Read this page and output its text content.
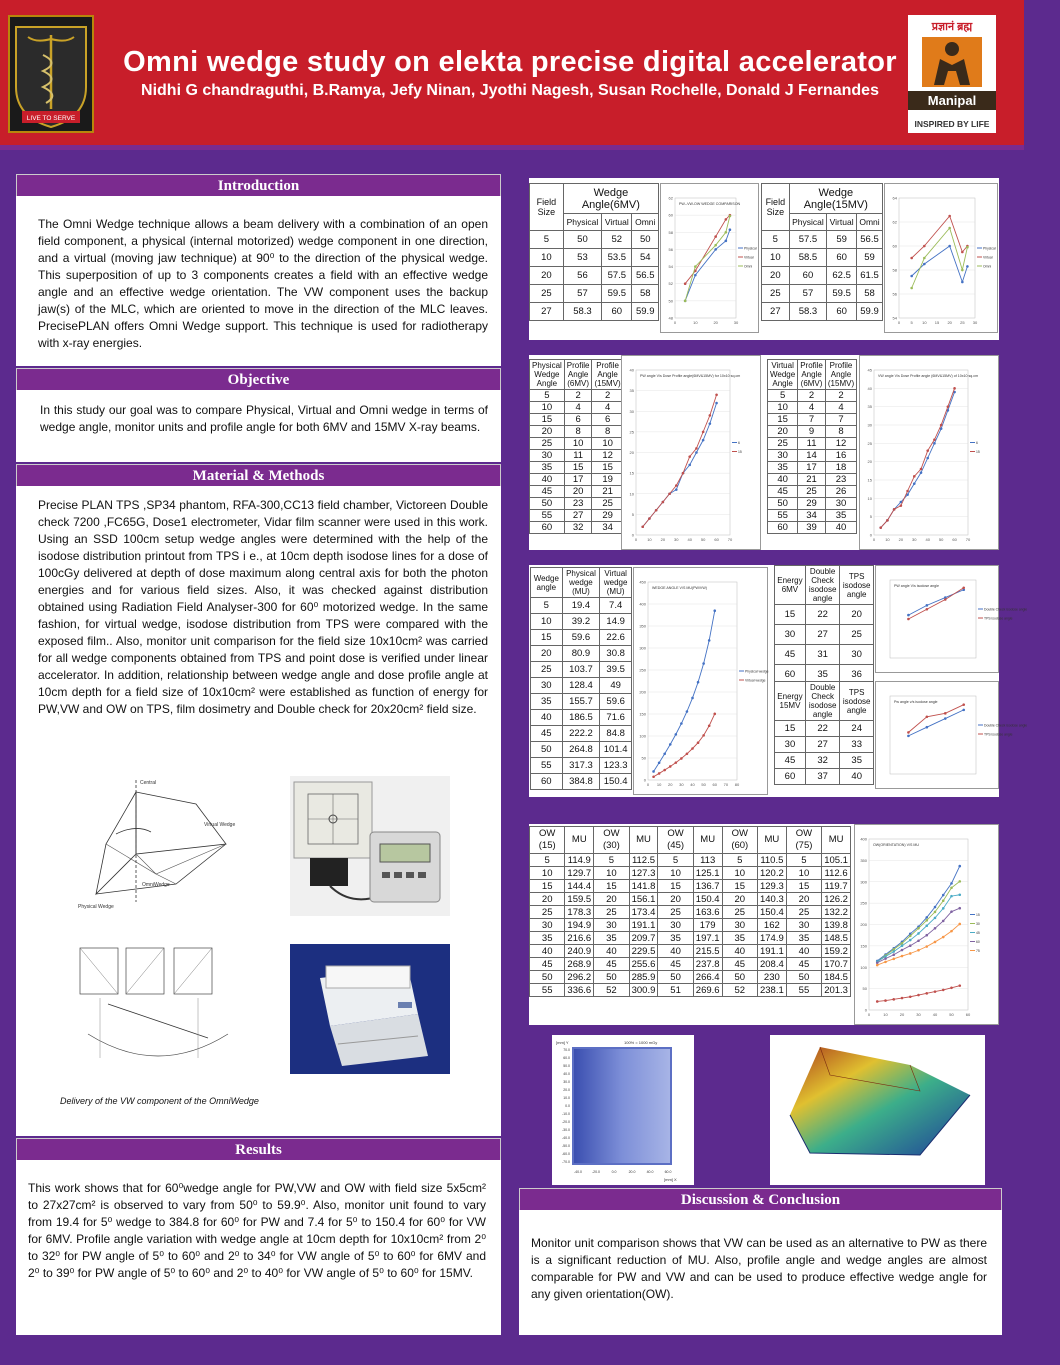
Omni wedge study on elekta precise digital accelerator
Nidhi G chandraguthi, B.Ramya, Jefy Ninan, Jyothi Nagesh, Susan Rochelle, Donald J Fernandes
LIVE TO SERVE
प्रज्ञानं ब्रह्म
Manipal
INSPIRED BY LIFE
Introduction
The Omni Wedge technique allows a beam delivery with a combination of an open field component, a physical (internal motorized) wedge component in one direction, and a virtual (moving jaw technique) at 90⁰ to the direction of the physical wedge. This superposition of up to 3 components creates a field with an effective wedge angle and an effective wedge orientation. The VW component uses the backup jaw(s) of the MLC, which are oriented to move in the direction of the MLC leaves. PrecisePLAN offers Omni Wedge support. This technique is used for radiotherapy with x-ray energies.
Objective
In this study our goal was to compare Physical, Virtual and Omni wedge in terms of wedge angle, monitor units and profile angle for both 6MV and 15MV X-ray beams.
Material & Methods
Precise PLAN TPS ,SP34 phantom, RFA-300,CC13 field chamber, Victoreen Double check 7200 ,FC65G, Dose1 electrometer, Vidar film scanner were used in this work. Using an SSD 100cm setup wedge angles were determined with the help of the isodose distribution printout from TPS i e., at 10cm depth isodose lines for a dose of 100cGy delivered at depth of dose maximum along central axis for both the photon energies and for various field sizes. Also, it was checked against distribution obtained using Radiation Field Analyser-300 for 60⁰ motorized wedge. In the same fashion, for virtual wedge, isodose distribution from TPS were compared with the exposed film.. Also, monitor unit comparison for the field size 10x10cm² was carried for all wedge components obtained from TPS and point dose is verified under linear accelerator. In addition, relationship between wedge angle and dose profile angle at 10cm depth for a field size of 10x10cm² were established as function of energy for PW,VW and OW on TPS, film dosimetry and Double check for 20x20cm² field size.
Central
Physical Wedge
Virtual Wedge
OmniWedge
Delivery of the VW component of the OmniWedge
Results
This work shows that for 60⁰wedge angle for PW,VW and OW with field size 5x5cm² to 27x27cm² is observed to vary from 50⁰ to 59.9⁰. Also, monitor unit found to vary from 19.4 for 5⁰ wedge to 384.8 for 60⁰ for PW and 7.4 for 5⁰ to 150.4 for 60⁰ for VW for 6MV. Profile angle variation with wedge angle at 10cm depth for 10x10cm² from 2⁰ to 32⁰ for PW angle of 5⁰ to 60⁰ and 2⁰ to 34⁰ for VW angle of 5⁰ to 60⁰ for 6MV and 2⁰ to 39⁰ for PW angle of 5⁰ to 60⁰ and 2⁰ to 40⁰ for VW angle of 5⁰ to 60⁰ for 15MV.
Field Size	Wedge Angle(6MV)		
	Physical	Virtual	Omni
5	50	52	50
10	53	53.5	54
20	56	57.5	56.5
25	57	59.5	58
27	58.3	60	59.9
48
50
52
54
56
58
60
62
0	10	20	30
PW--VW-OW WEDGE COMPARISON
Physical
Virtual
Omni
Field Size	Wedge Angle(15MV)		
	Physical	Virtual	Omni
5	57.5	59	56.5
10	58.5	60	59
20	60	62.5	61.5
25	57	59.5	58
27	58.3	60	59.9
54
56
58
60
62
64
0	5 10 15 20 25 30
Physical
Virtual
Omni
Physical Wedge Angle	Profile Angle (6MV)	Profile Angle (15MV)
5	2	2
10	4	4
15	6	6
20	8	8
25	10	10
30	11	12
35	15	15
40	17	19
45	20	21
50	23	25
55	27	29
60	32	34
0
5
10
15
20
25
30
35
40
0	10 20 30 40 50 60 70
PW angle V/s Dose Profile angle(6MV&15MV) for 10x10 sq.cm
6
15
Virtual Wedge Angle	Profile Angle (6MV)	Profile Angle (15MV)
5	2	2
10	4	4
15	7	7
20	9	8
25	11	12
30	14	16
35	17	18
40	21	23
45	25	26
50	29	30
55	34	35
60	39	40
0
5
10
15
20
25
30
35
40
45
0	10 20 30 40 50 60 70
VW angle V/s Dose Profile angle (6MV&15MV) of 10x10 sq.cm
6
15
Wedge angle	Physical wedge (MU)	Virtual wedge (MU)
5	19.4	7.4
10	39.2	14.9
15	59.6	22.6
20	80.9	30.8
25	103.7	39.5
30	128.4	49
35	155.7	59.6
40	186.5	71.6
45	222.2	84.8
50	264.8	101.4
55	317.3	123.3
60	384.8	150.4	0
50
100
150
200
250
300
350
400
450
0 10 20 30 40 50 60 70 80
WEDGE ANGLE V/S MU(PW/VW)
Physical wedge
Virtual wedge
Energy 6MV	Double Check isodose angle	TPS isodose angle
15	22	20
30	27	25
45	31	30
60	35	36
PW angle V/s isodose angle
Double Check isodose angle
TPS isodose angle
Energy 15MV	Double Check isodose angle	TPS isodose angle
15	22	24
30	27	33
45	32	35
60	37	40
Pw angle v/s isodose angle
Double Check isodose angle
TPS isodose angle
OW (15)	MU	OW (30)	MU	OW (45)	MU	OW (60)	MU	OW (75)	MU
5	114.9	5	112.5	5	113	5	110.5	5	105.1
10	129.7	10	127.3	10	125.1	10	120.2	10	112.6
15	144.4	15	141.8	15	136.7	15	129.3	15	119.7
20	159.5	20	156.1	20	150.4	20	140.3	20	126.2
25	178.3	25	173.4	25	163.6	25	150.4	25	132.2
30	194.9	30	191.1	30	179	30	162	30	139.8
35	216.6	35	209.7	35	197.1	35	174.9	35	148.5
40	240.9	40	229.5	40	215.5	40	191.1	40	159.2
45	268.9	45	255.6	45	237.8	45	208.4	45	170.7
50	296.2	50	285.9	50	266.4	50	230	50	184.5
55	336.6	52	300.9	51	269.6	52	238.1	55	201.3
0
50
100
150
200
250
300
350
400
0	10	20	30	40	50	60
OW(ORIENTATION) V/S MU
15
30
45
60
75
[mm] Y	100% = 1000 mGy
[mm] X
70.0
60.0
50.0
40.0
30.0
20.0
10.0
0.0
-10.0
-20.0
-30.0
-40.0
-50.0
-60.0
-70.0
-40.0	-20.0	0.0	20.0	40.0	60.0
Discussion & Conclusion
Monitor unit comparison shows that VW can be used as an alternative to PW as there is a significant reduction of MU. Also, profile angle and wedge angles are almost comparable for PW and VW and can be used to produce effective wedge angle for any given orientation(OW).
